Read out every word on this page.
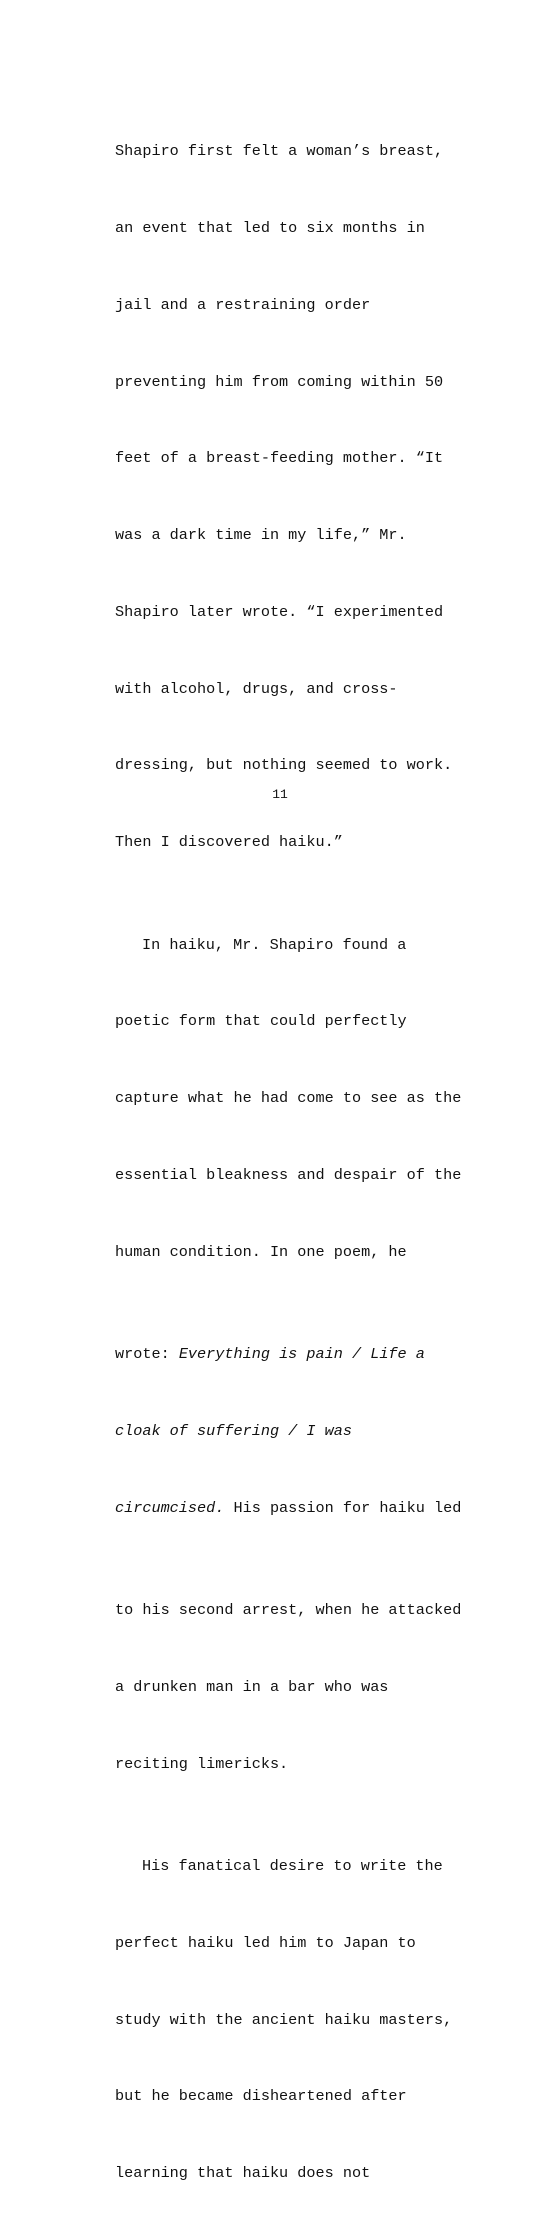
Shapiro first felt a woman’s breast,

an event that led to six months in

jail and a restraining order

preventing him from coming within 50

feet of a breast-feeding mother. “It

was a dark time in my life,” Mr.

Shapiro later wrote. “I experimented

with alcohol, drugs, and cross-

dressing, but nothing seemed to work.

Then I discovered haiku.”

In haiku, Mr. Shapiro found a

poetic form that could perfectly

capture what he had come to see as the

essential bleakness and despair of the

human condition. In one poem, he

wrote: Everything is pain / Life a

cloak of suffering / I was

circumcised. His passion for haiku led

to his second arrest, when he attacked

a drunken man in a bar who was

reciting limericks.

His fanatical desire to write the

perfect haiku led him to Japan to

study with the ancient haiku masters,

but he became disheartened after

learning that haiku does not

11
